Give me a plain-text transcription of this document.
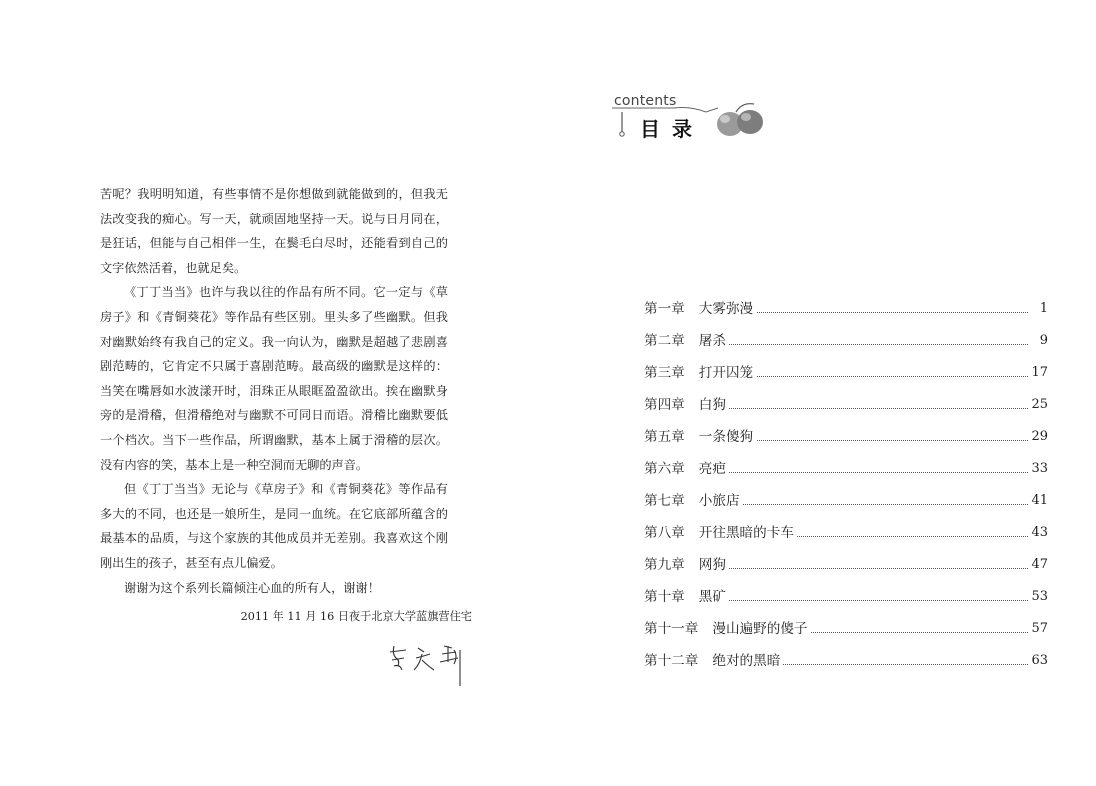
苦呢？我明明知道，有些事情不是你想做到就能做到的，但我无法改变我的痴心。写一天，就顽固地坚持一天。说与日月同在，是狂话，但能与自己相伴一生，在鬓毛白尽时，还能看到自己的文字依然活着，也就足矣。

《丁丁当当》也许与我以往的作品有所不同。它一定与《草房子》和《青铜葵花》等作品有些区别。里头多了些幽默。但我对幽默始终有我自己的定义。我一向认为，幽默是超越了悲剧喜剧范畴的，它肯定不只属于喜剧范畴。最高级的幽默是这样的：当笑在嘴唇如水波漾开时，泪珠正从眼眶盈盈欲出。挨在幽默身旁的是滑稽，但滑稽绝对与幽默不可同日而语。滑稽比幽默要低一个档次。当下一些作品，所谓幽默，基本上属于滑稽的层次。没有内容的笑，基本上是一种空洞而无聊的声音。

但《丁丁当当》无论与《草房子》和《青铜葵花》等作品有多大的不同，也还是一娘所生，是同一血统。在它底部所蕴含的最基本的品质，与这个家族的其他成员并无差别。我喜欢这个刚刚出生的孩子，甚至有点儿偏爱。

谢谢为这个系列长篇倾注心血的所有人，谢谢！

2011 年 11 月 16 日夜于北京大学蓝旗营住宅
contents
目录
第一章 大雾弥漫	1
第二章 屠杀	9
第三章 打开囚笼	17
第四章 白狗	25
第五章 一条傻狗	29
第六章 亮疤	33
第七章 小旅店	41
第八章 开往黑暗的卡车	43
第九章 网狗	47
第十章 黑矿	53
第十一章 漫山遍野的傻子	57
第十二章 绝对的黑暗	63
